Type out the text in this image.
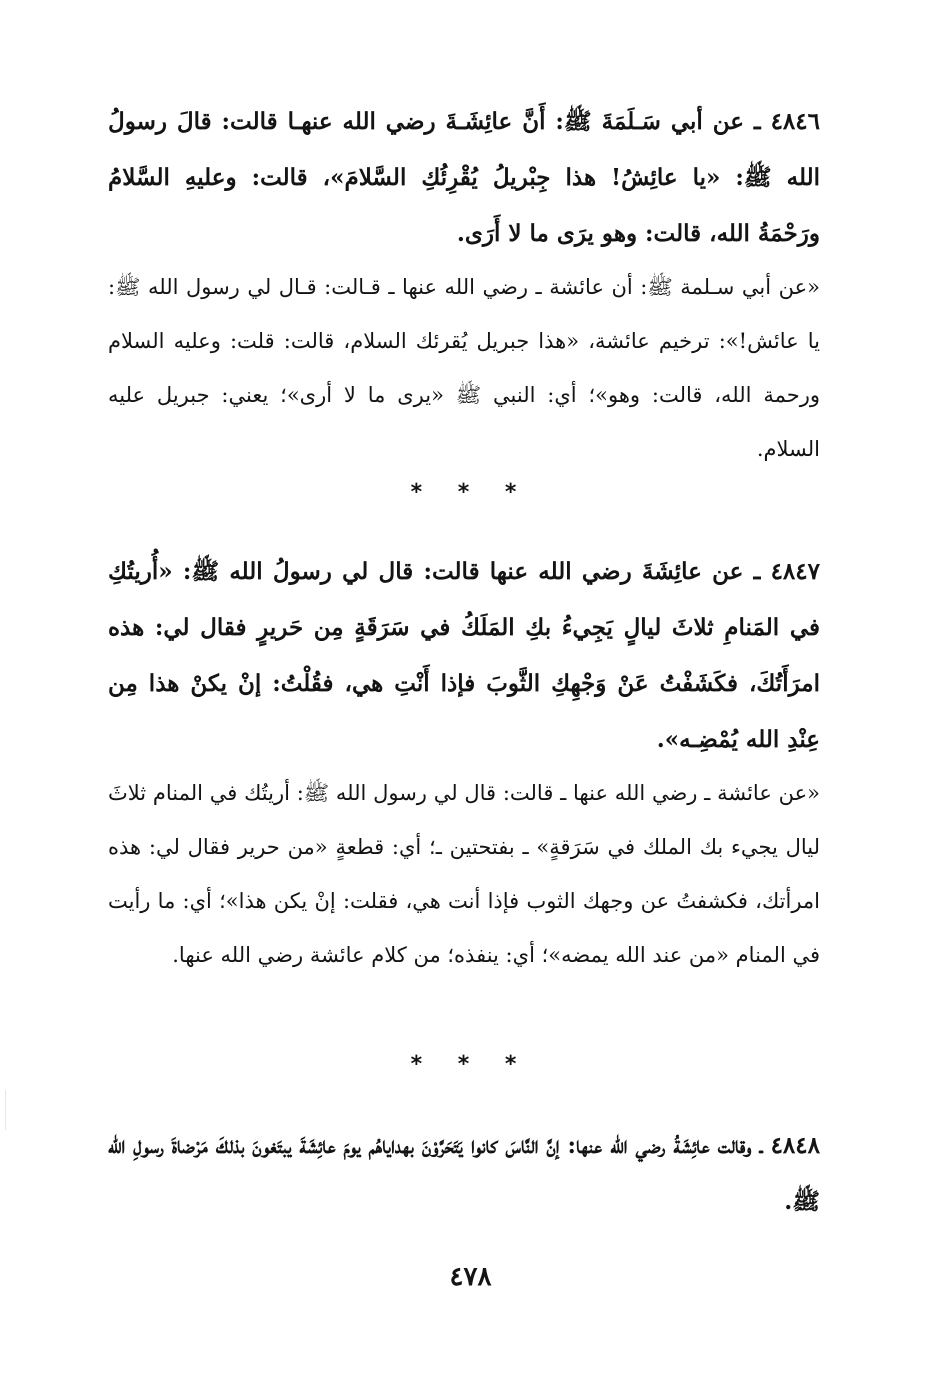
٤٨٤٦ ـ عن أبي سَـلَمَةَ ﷺ: أَنَّ عائِشَـةَ رضي الله عنهـا قالت: قالَ رسولُ الله ﷺ: «يا عائِشُ! هذا جِبْريلُ يُقْرِئُكِ السَّلامَ»، قالت: وعليهِ السَّلامُ ورَحْمَةُ الله، قالت: وهو يرَى ما لا أَرَى.

«عن أبي سـلمة ﷺ: أن عائشة ـ رضي الله عنها ـ قـالت: قـال لي رسول الله ﷺ: يا عائش!»: ترخيم عائشة، «هذا جبريل يُقرئك السلام، قالت: قلت: وعليه السلام ورحمة الله، قالت: وهو»؛ أي: النبي ﷺ «يرى ما لا أرى»؛ يعني: جبريل عليه السلام.

* * *

٤٨٤٧ ـ عن عائِشَةَ رضي الله عنها قالت: قال لي رسولُ الله ﷺ: «أُريتُكِ في المَنامِ ثلاثَ ليالٍ يَجِيءُ بكِ المَلَكُ في سَرَقَةٍ مِن حَريرٍ فقال لي: هذه امرَأَتُكَ، فكَشَفْتُ عَنْ وَجْهِكِ الثَّوبَ فإذا أَنْتِ هي، فقُلْتُ: إنْ يكنْ هذا مِن عِنْدِ الله يُمْضِـه».

«عن عائشة ـ رضي الله عنها ـ قالت: قال لي رسول الله ﷺ: أريتُك في المنام ثلاثَ ليال يجيء بك الملك في سَرَقةٍ» ـ بفتحتين ـ؛ أي: قطعةٍ «من حرير فقال لي: هذه امرأتك، فكشفتُ عن وجهك الثوب فإذا أنت هي، فقلت: إنْ يكن هذا»؛ أي: ما رأيت في المنام «من عند الله يمضه»؛ أي: ينفذه؛ من كلام عائشة رضي الله عنها.

* * *

٤٨٤٨ ـ وقالت عائِشَةُ رضي الله عنها: إنَّ النَّاسَ كانوا يَتَحَرَّوْنَ بهداياهُم يومَ عائِشَةَ يبتَغونَ بذلكَ مَرْضاةَ رسولِ الله ﷺ.

٤٧٨
